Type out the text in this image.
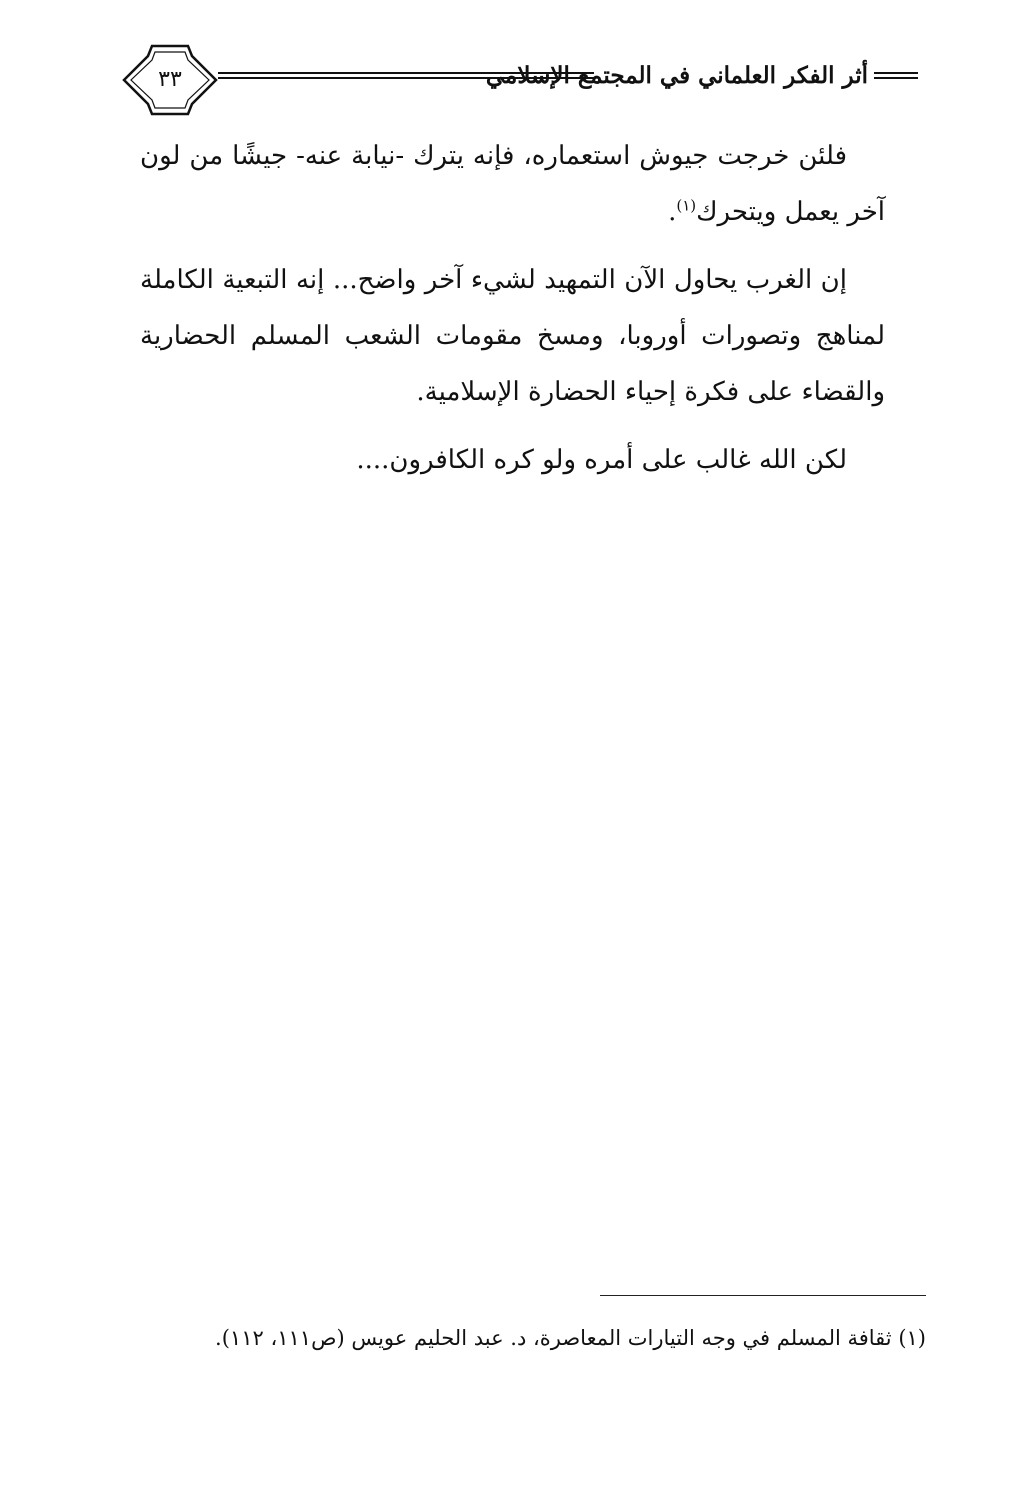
٣٣	أثر الفكر العلماني في المجتمع الإسلامي

فلئن خرجت جيوش استعماره، فإنه يترك -نيابة عنه- جيشًا من لون آخر يعمل ويتحرك$^{(١)}$.

إن الغرب يحاول الآن التمهيد لشيء آخر واضح... إنه التبعية الكاملة لمناهج وتصورات أوروبا، ومسخ مقومات الشعب المسلم الحضارية والقضاء على فكرة إحياء الحضارة الإسلامية.

لكن الله غالب على أمره ولو كره الكافرون....

(١) ثقافة المسلم في وجه التيارات المعاصرة، د. عبد الحليم عويس (ص١١١، ١١٢).
